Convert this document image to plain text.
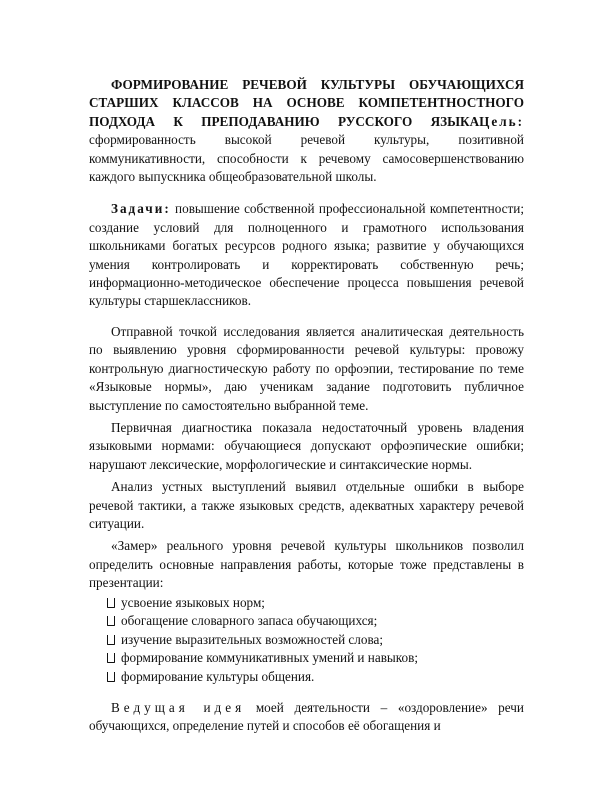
ФОРМИРОВАНИЕ РЕЧЕВОЙ КУЛЬТУРЫ ОБУЧАЮЩИХСЯ СТАРШИХ КЛАССОВ НА ОСНОВЕ КОМПЕТЕНТНОСТНОГО ПОДХОДА К ПРЕПОДАВАНИЮ РУССКОГО ЯЗЫКАЦель: сформированность высокой речевой культуры, позитивной коммуникативности, способности к речевому самосовершенствованию каждого выпускника общеобразовательной школы.

Задачи: повышение собственной профессиональной компетентности; создание условий для полноценного и грамотного использования школьниками богатых ресурсов родного языка; развитие у обучающихся умения контролировать и корректировать собственную речь; информационно-методическое обеспечение процесса повышения речевой культуры старшеклассников.

Отправной точкой исследования является аналитическая деятельность по выявлению уровня сформированности речевой культуры: провожу контрольную диагностическую работу по орфоэпии, тестирование по теме «Языковые нормы», даю ученикам задание подготовить публичное выступление по самостоятельно выбранной теме.

Первичная диагностика показала недостаточный уровень владения языковыми нормами: обучающиеся допускают орфоэпические ошибки; нарушают лексические, морфологические и синтаксические нормы.

Анализ устных выступлений выявил отдельные ошибки в выборе речевой тактики, а также языковых средств, адекватных характеру речевой ситуации.

«Замер» реального уровня речевой культуры школьников позволил определить основные направления работы, которые тоже представлены в презентации:

усвоение языковых норм;
обогащение словарного запаса обучающихся;
изучение выразительных возможностей слова;
формирование коммуникативных умений и навыков;
формирование культуры общения.

Ведущая идея моей деятельности – «оздоровление» речи обучающихся, определение путей и способов её обогащения и
